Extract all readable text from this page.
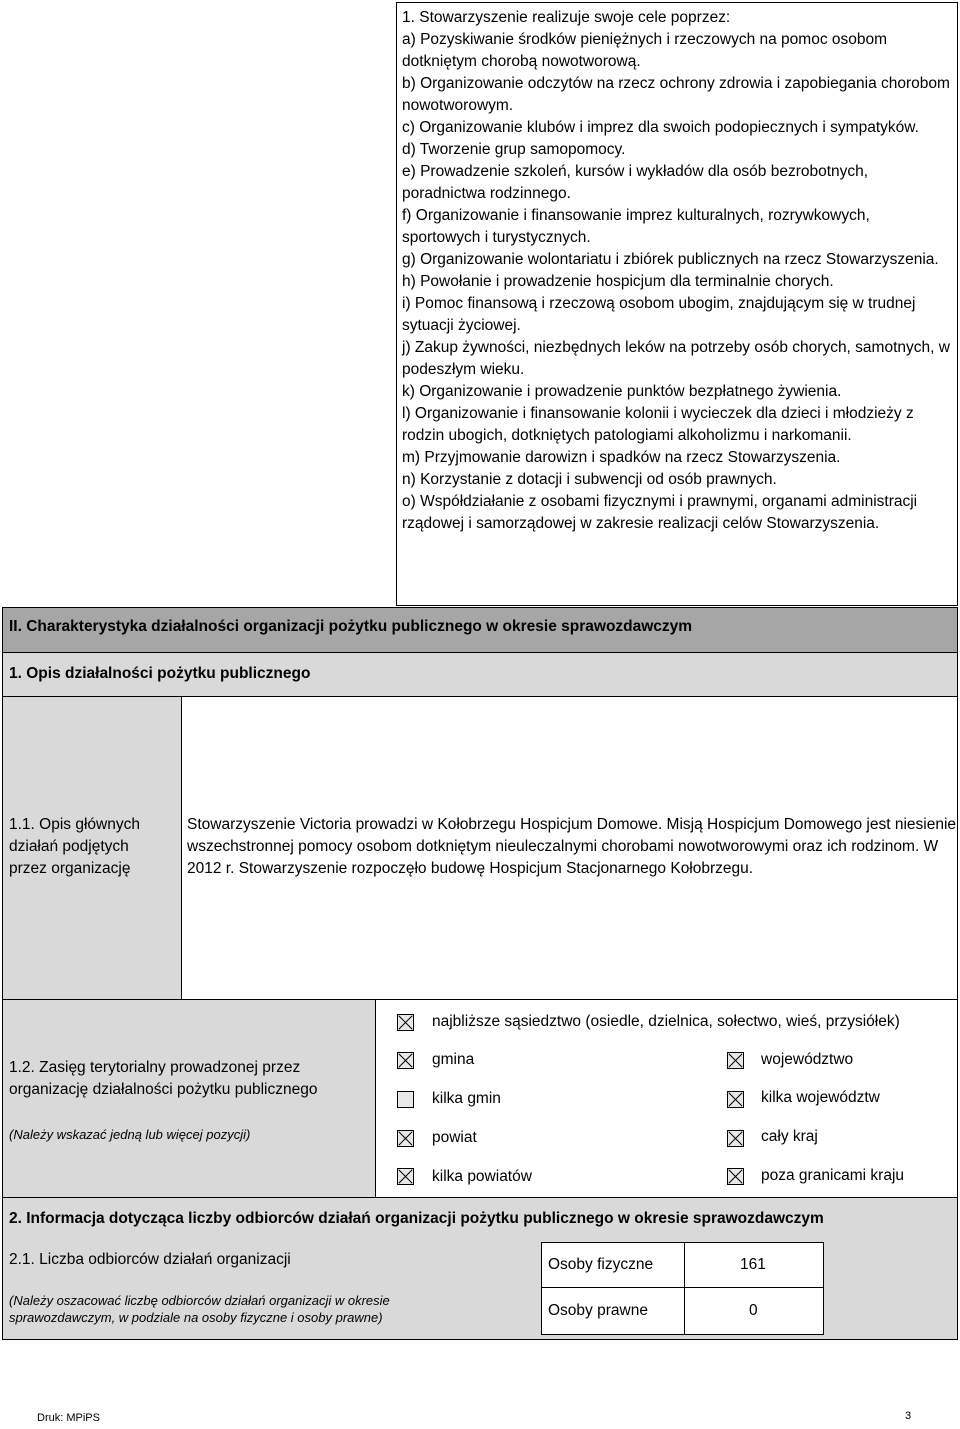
1. Stowarzyszenie realizuje swoje cele poprzez:
a) Pozyskiwanie środków pieniężnych i rzeczowych na pomoc osobom dotkniętym chorobą nowotworową.
b) Organizowanie odczytów na rzecz ochrony zdrowia i zapobiegania chorobom nowotworowym.
c) Organizowanie klubów i imprez dla swoich podopiecznych i sympatyków.
d) Tworzenie grup samopomocy.
e) Prowadzenie szkoleń, kursów i wykładów dla osób bezrobotnych, poradnictwa rodzinnego.
f) Organizowanie i finansowanie imprez kulturalnych, rozrywkowych, sportowych i turystycznych.
g) Organizowanie wolontariatu i zbiórek publicznych na rzecz Stowarzyszenia.
h) Powołanie i prowadzenie hospicjum dla terminalnie chorych.
i) Pomoc finansową i rzeczową osobom ubogim, znajdującym się w trudnej sytuacji życiowej.
j) Zakup żywności, niezbędnych leków na potrzeby osób chorych, samotnych, w podeszłym wieku.
k) Organizowanie i prowadzenie punktów bezpłatnego żywienia.
l) Organizowanie i finansowanie kolonii i wycieczek dla dzieci i młodzieży z rodzin ubogich, dotkniętych patologiami alkoholizmu i narkomanii.
m) Przyjmowanie darowizn i spadków na rzecz Stowarzyszenia.
n) Korzystanie z dotacji i subwencji od osób prawnych.
o) Współdziałanie z osobami fizycznymi i prawnymi, organami administracji rządowej i samorządowej w zakresie realizacji celów Stowarzyszenia.
II. Charakterystyka działalności organizacji pożytku publicznego w okresie sprawozdawczym
1. Opis działalności pożytku publicznego
1.1. Opis głównych działań podjętych przez organizację
Stowarzyszenie Victoria prowadzi w Kołobrzegu Hospicjum Domowe. Misją Hospicjum Domowego jest niesienie wszechstronnej pomocy osobom dotkniętym nieuleczalnymi chorobami nowotworowymi oraz ich rodzinom. W 2012 r. Stowarzyszenie rozpoczęło budowę Hospicjum Stacjonarnego Kołobrzegu.
1.2. Zasięg terytorialny prowadzonej przez organizację działalności pożytku publicznego
(Należy wskazać jedną lub więcej pozycji)
najbliższe sąsiedztwo (osiedle, dzielnica, sołectwo, wieś, przysiółek)
gmina	województwo
kilka gmin	kilka województw
powiat	cały kraj
kilka powiatów	poza granicami kraju
2. Informacja dotycząca liczby odbiorców działań organizacji pożytku publicznego w okresie sprawozdawczym
2.1. Liczba odbiorców działań organizacji
(Należy oszacować liczbę odbiorców działań organizacji w okresie sprawozdawczym, w podziale na osoby fizyczne i osoby prawne)
Osoby fizyczne	161
Osoby prawne	0
Druk: MPiPS	3
